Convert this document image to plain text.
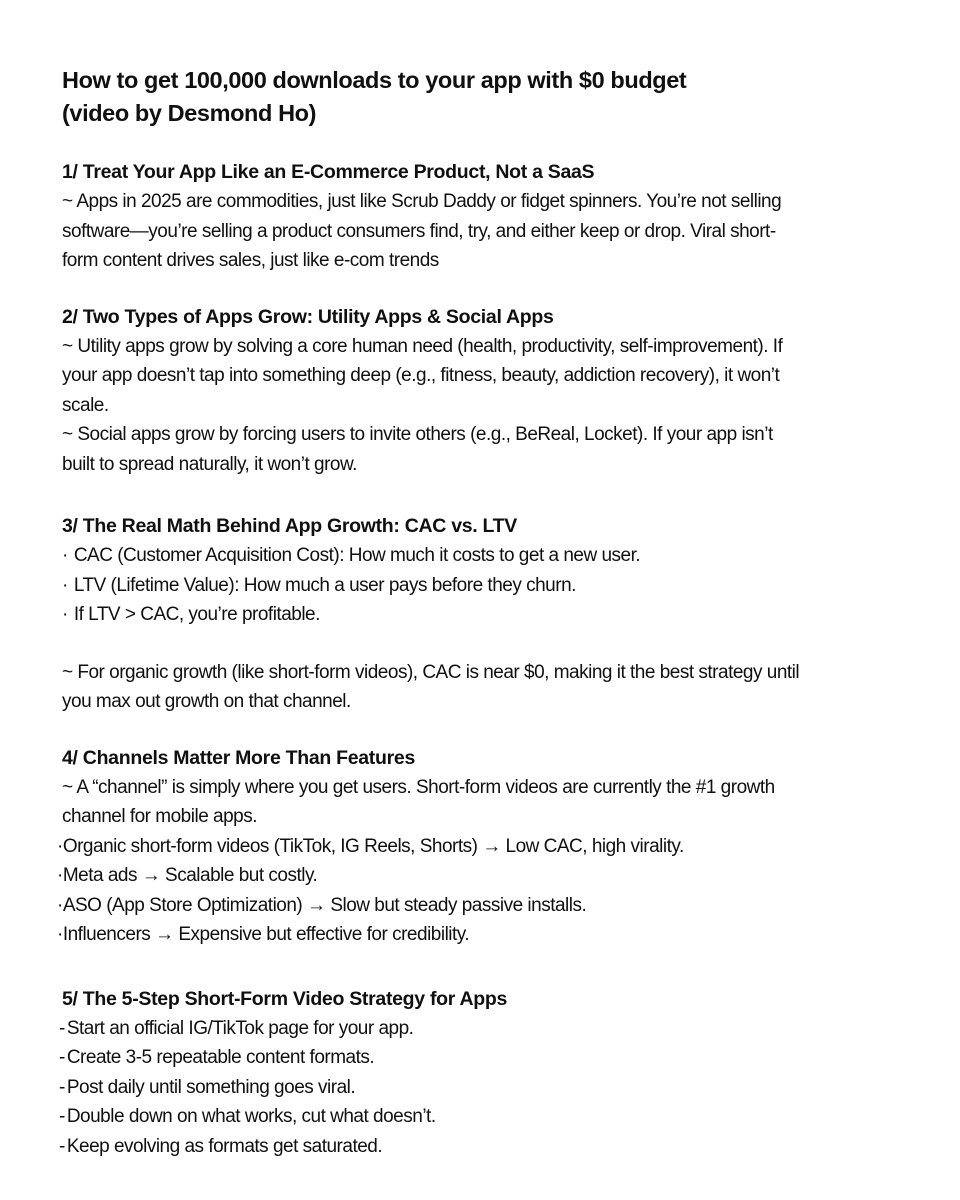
How to get 100,000 downloads to your app with $0 budget
(video by Desmond Ho)
1/ Treat Your App Like an E-Commerce Product, Not a SaaS
~ Apps in 2025 are commodities, just like Scrub Daddy or fidget spinners. You’re not selling
software—you’re selling a product consumers find, try, and either keep or drop. Viral short-
form content drives sales, just like e-com trends
2/ Two Types of Apps Grow: Utility Apps & Social Apps
~ Utility apps grow by solving a core human need (health, productivity, self-improvement). If
your app doesn’t tap into something deep (e.g., fitness, beauty, addiction recovery), it won’t
scale.
~ Social apps grow by forcing users to invite others (e.g., BeReal, Locket). If your app isn’t
built to spread naturally, it won’t grow.
3/ The Real Math Behind App Growth: CAC vs. LTV
· CAC (Customer Acquisition Cost): How much it costs to get a new user.
· LTV (Lifetime Value): How much a user pays before they churn.
· If LTV > CAC, you’re profitable.
~ For organic growth (like short-form videos), CAC is near $0, making it the best strategy until
you max out growth on that channel.
4/ Channels Matter More Than Features
~ A “channel” is simply where you get users. Short-form videos are currently the #1 growth
channel for mobile apps.
· Organic short-form videos (TikTok, IG Reels, Shorts) → Low CAC, high virality.
· Meta ads → Scalable but costly.
· ASO (App Store Optimization) → Slow but steady passive installs.
· Influencers → Expensive but effective for credibility.
5/ The 5-Step Short-Form Video Strategy for Apps
- Start an official IG/TikTok page for your app.
- Create 3-5 repeatable content formats.
- Post daily until something goes viral.
- Double down on what works, cut what doesn’t.
- Keep evolving as formats get saturated.
